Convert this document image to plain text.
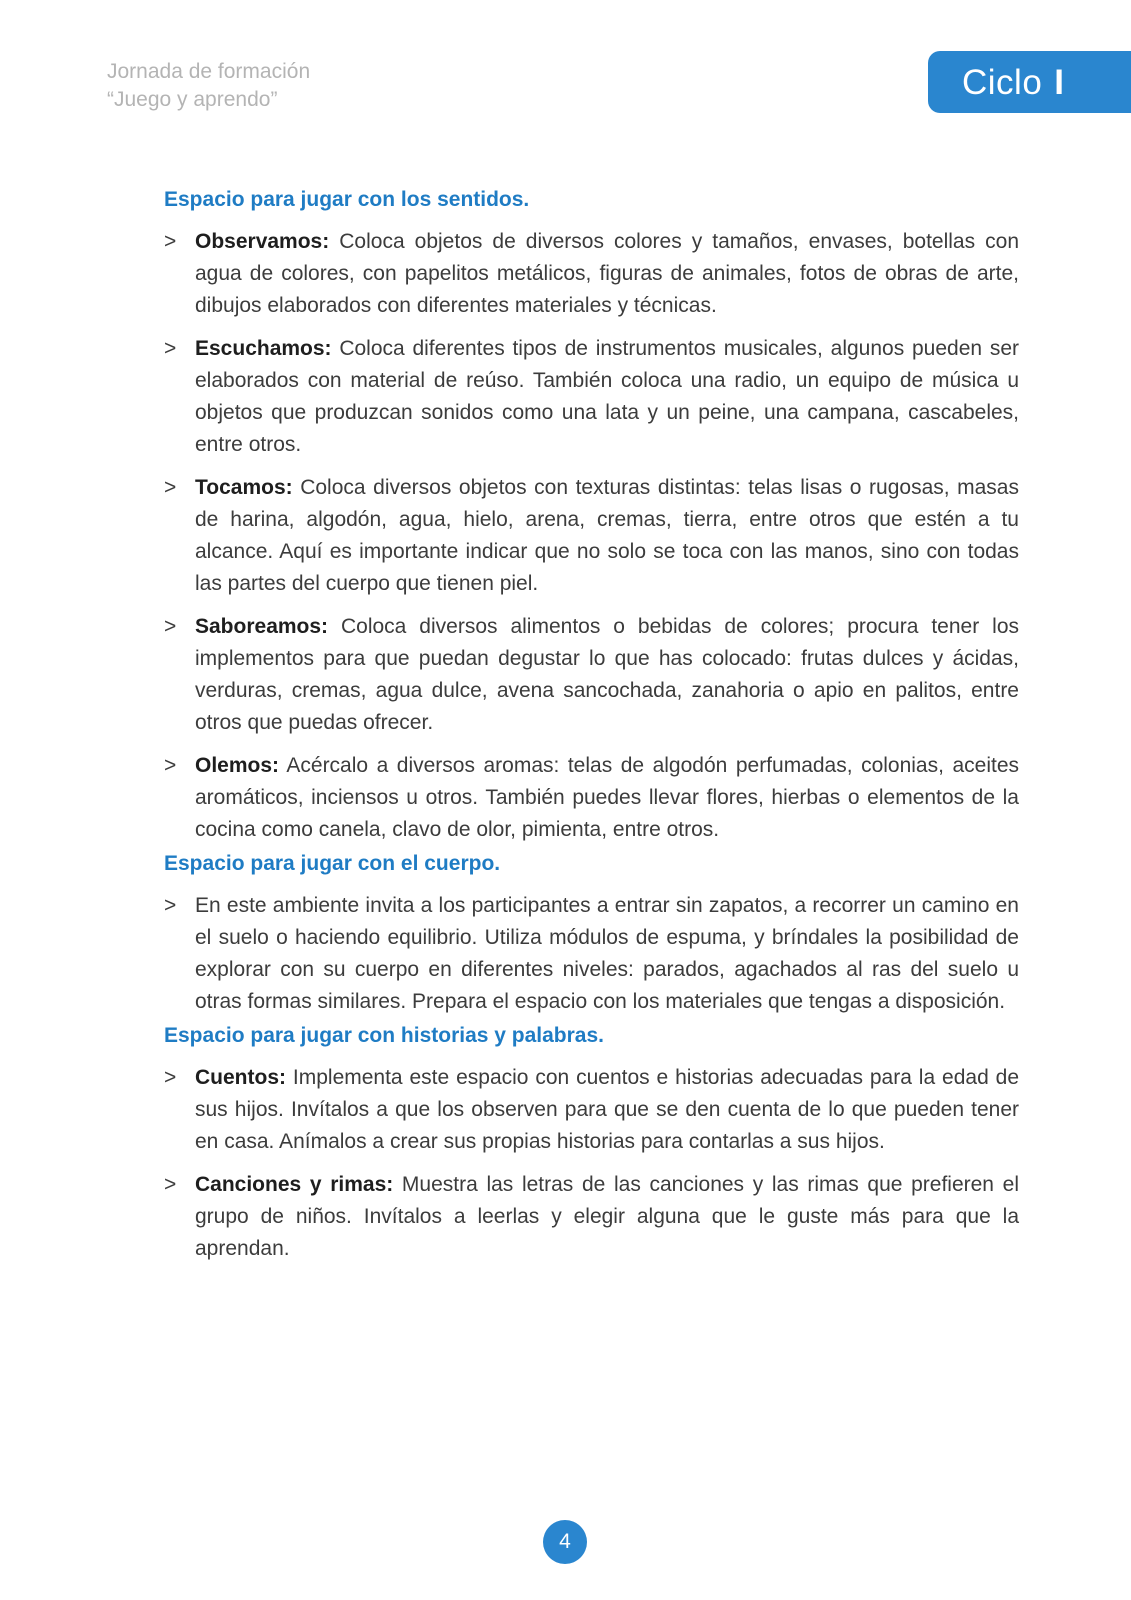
Jornada de formación
“Juego y aprendo”	Ciclo I
Espacio para jugar con los sentidos.
> Observamos: Coloca objetos de diversos colores y tamaños, envases, botellas con agua de colores, con papelitos metálicos, figuras de animales, fotos de obras de arte, dibujos elaborados con diferentes materiales y técnicas.
> Escuchamos: Coloca diferentes tipos de instrumentos musicales, algunos pueden ser elaborados con material de reúso. También coloca una radio, un equipo de música u objetos que produzcan sonidos como una lata y un peine, una campana, cascabeles, entre otros.
> Tocamos: Coloca diversos objetos con texturas distintas: telas lisas o rugosas, masas de harina, algodón, agua, hielo, arena, cremas, tierra, entre otros que estén a tu alcance. Aquí es importante indicar que no solo se toca con las manos, sino con todas las partes del cuerpo que tienen piel.
> Saboreamos: Coloca diversos alimentos o bebidas de colores; procura tener los implementos para que puedan degustar lo que has colocado: frutas dulces y ácidas, verduras, cremas, agua dulce, avena sancochada, zanahoria o apio en palitos, entre otros que puedas ofrecer.
> Olemos: Acércalo a diversos aromas: telas de algodón perfumadas, colonias, aceites aromáticos, inciensos u otros. También puedes llevar flores, hierbas o elementos de la cocina como canela, clavo de olor, pimienta, entre otros.
Espacio para jugar con el cuerpo.
> En este ambiente invita a los participantes a entrar sin zapatos, a recorrer un camino en el suelo o haciendo equilibrio. Utiliza módulos de espuma, y bríndales la posibilidad de explorar con su cuerpo en diferentes niveles: parados, agachados al ras del suelo u otras formas similares. Prepara el espacio con los materiales que tengas a disposición.
Espacio para jugar con historias y palabras.
> Cuentos: Implementa este espacio con cuentos e historias adecuadas para la edad de sus hijos. Invítalos a que los observen para que se den cuenta de lo que pueden tener en casa. Anímalos a crear sus propias historias para contarlas a sus hijos.
> Canciones y rimas: Muestra las letras de las canciones y las rimas que prefieren el grupo de niños. Invítalos a leerlas y elegir alguna que le guste más para que la aprendan.
4
